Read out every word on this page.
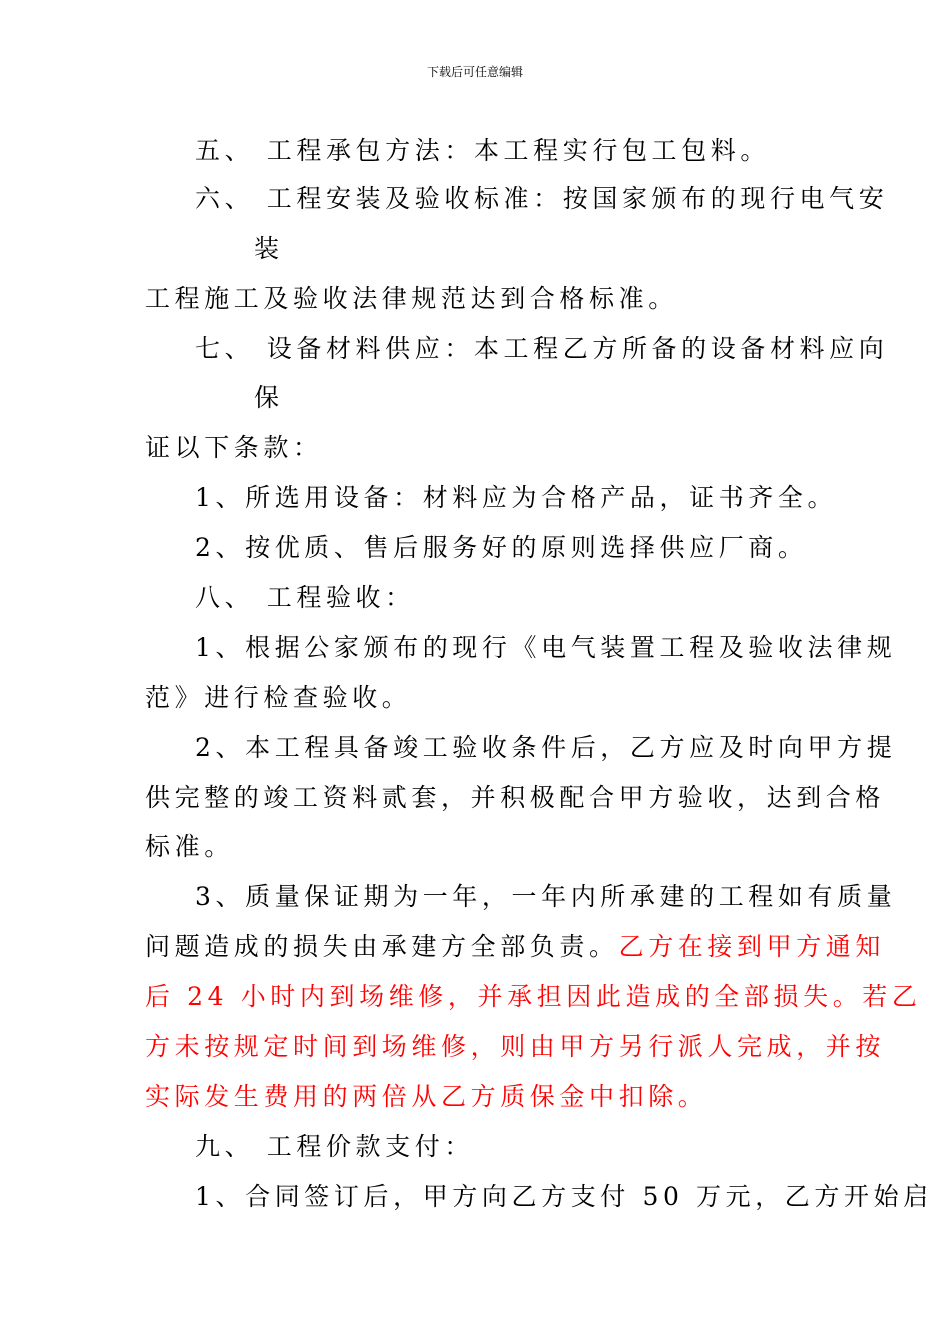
下载后可任意编辑
五、 工程承包方法：本工程实行包工包料。
六、 工程安装及验收标准：按国家颁布的现行电气安
装
工程施工及验收法律规范达到合格标准。
七、 设备材料供应：本工程乙方所备的设备材料应向
保
证以下条款：
1、所选用设备：材料应为合格产品，证书齐全。
2、按优质、售后服务好的原则选择供应厂商。
八、 工程验收：
1、根据公家颁布的现行《电气装置工程及验收法律规
范》进行检查验收。
2、本工程具备竣工验收条件后，乙方应及时向甲方提
供完整的竣工资料贰套，并积极配合甲方验收，达到合格
标准。
3、质量保证期为一年，一年内所承建的工程如有质量
问题造成的损失由承建方全部负责。乙方在接到甲方通知
后 24 小时内到场维修，并承担因此造成的全部损失。若乙
方未按规定时间到场维修，则由甲方另行派人完成，并按
实际发生费用的两倍从乙方质保金中扣除。
九、 工程价款支付：
1、合同签订后，甲方向乙方支付 50 万元，乙方开始启
